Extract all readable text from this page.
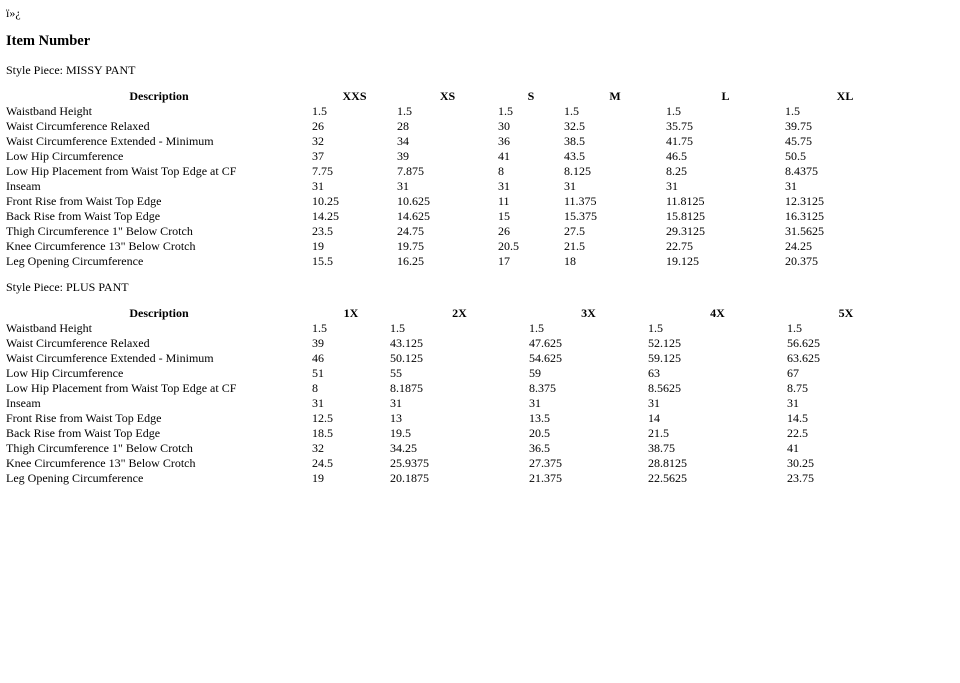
ï»¿
Item Number
Style Piece: MISSY PANT
Description	XXS	XS	S	M	L	XL
Waistband Height	1.5	1.5	1.5	1.5	1.5	1.5
Waist Circumference Relaxed	26	28	30	32.5	35.75	39.75
Waist Circumference Extended - Minimum	32	34	36	38.5	41.75	45.75
Low Hip Circumference	37	39	41	43.5	46.5	50.5
Low Hip Placement from Waist Top Edge at CF	7.75	7.875	8	8.125	8.25	8.4375
Inseam	31	31	31	31	31	31
Front Rise from Waist Top Edge	10.25	10.625	11	11.375	11.8125	12.3125
Back Rise from Waist Top Edge	14.25	14.625	15	15.375	15.8125	16.3125
Thigh Circumference 1" Below Crotch	23.5	24.75	26	27.5	29.3125	31.5625
Knee Circumference 13" Below Crotch	19	19.75	20.5	21.5	22.75	24.25
Leg Opening Circumference	15.5	16.25	17	18	19.125	20.375
Style Piece: PLUS PANT
Description	1X	2X	3X	4X	5X
Waistband Height	1.5	1.5	1.5	1.5	1.5
Waist Circumference Relaxed	39	43.125	47.625	52.125	56.625
Waist Circumference Extended - Minimum	46	50.125	54.625	59.125	63.625
Low Hip Circumference	51	55	59	63	67
Low Hip Placement from Waist Top Edge at CF	8	8.1875	8.375	8.5625	8.75
Inseam	31	31	31	31	31
Front Rise from Waist Top Edge	12.5	13	13.5	14	14.5
Back Rise from Waist Top Edge	18.5	19.5	20.5	21.5	22.5
Thigh Circumference 1" Below Crotch	32	34.25	36.5	38.75	41
Knee Circumference 13" Below Crotch	24.5	25.9375	27.375	28.8125	30.25
Leg Opening Circumference	19	20.1875	21.375	22.5625	23.75
